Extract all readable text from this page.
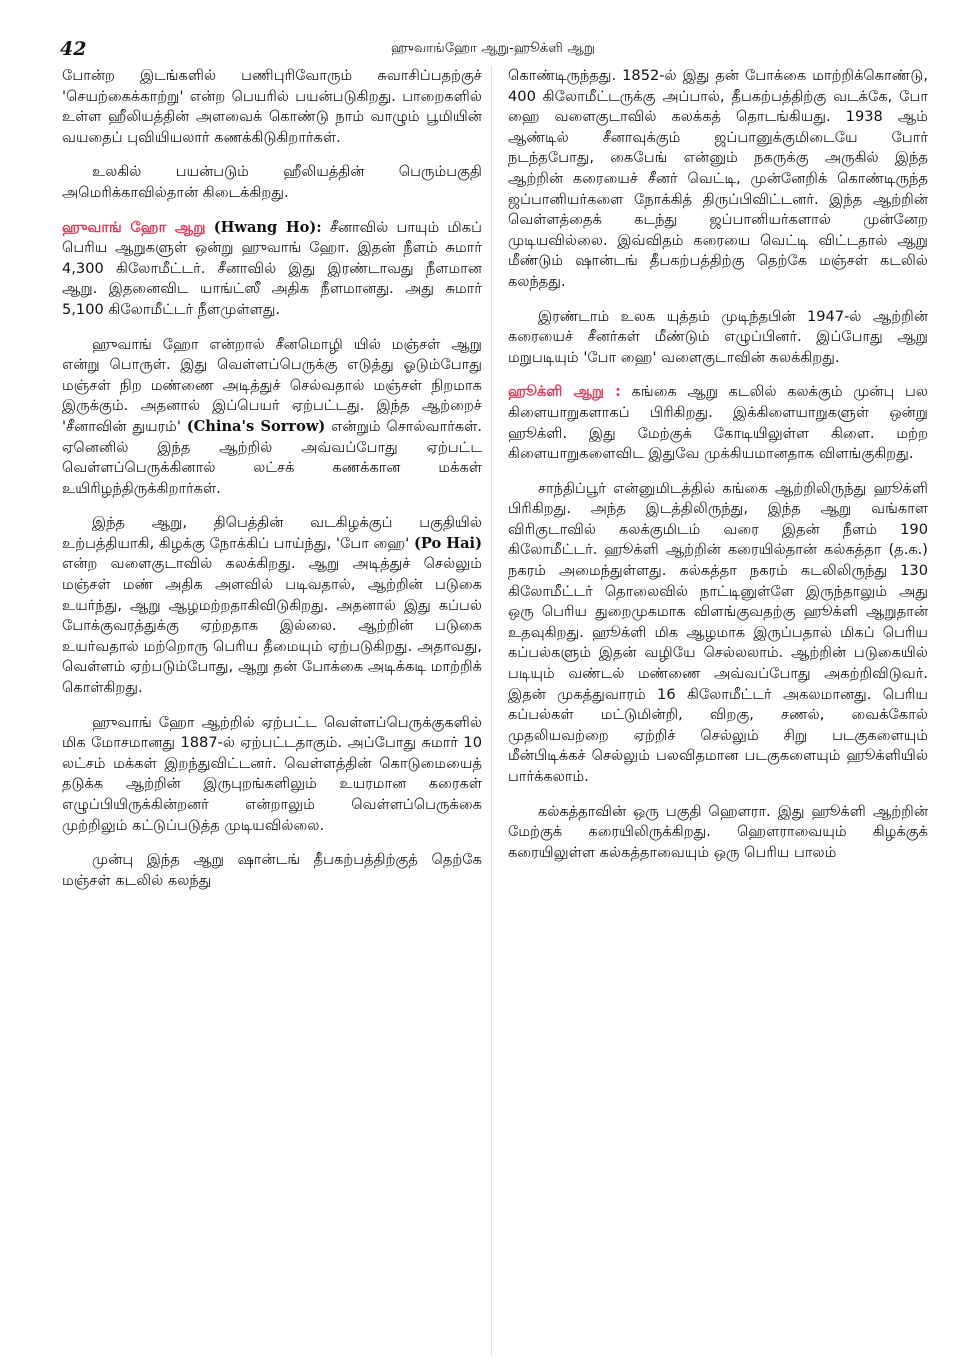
42	ஹுவாங்ஹோ ஆறு-ஹூக்ளி ஆறு

போன்ற இடங்களில் பணிபுரிவோரும் சுவாசிப்பதற்குச் 'செயற்கைக்காற்று' என்ற பெயரில் பயன்படுகிறது. பாறைகளில் உள்ள ஹீலியத்தின் அளவைக் கொண்டு நாம் வாழும் பூமியின் வயதைப் புவியியலார் கணக்கிடுகிறார்கள்.

உலகில் பயன்படும் ஹீலியத்தின் பெரும்பகுதி அமெரிக்காவில்தான் கிடைக்கிறது.

ஹுவாங் ஹோ ஆறு (Hwang Ho): சீனாவில் பாயும் மிகப் பெரிய ஆறுகளுள் ஒன்று ஹுவாங் ஹோ. இதன் நீளம் சுமார் 4,300 கிலோமீட்டர். சீனாவில் இது இரண்டாவது நீளமான ஆறு. இதனைவிட யாங்ட்ஸீ அதிக நீளமானது. அது சுமார் 5,100 கிலோமீட்டர் நீளமுள்ளது.

ஹுவாங் ஹோ என்றால் சீனமொழி யில் மஞ்சள் ஆறு என்று பொருள். இது வெள்ளப்பெருக்கு எடுத்து ஓடும்போது மஞ்சள் நிற மண்ணை அடித்துச் செல்வதால் மஞ்சள் நிறமாக இருக்கும். அதனால் இப்பெயர் ஏற்பட்டது. இந்த ஆற்றைச் 'சீனாவின் துயரம்' (China's Sorrow) என்றும் சொல்வார்கள். ஏனெனில் இந்த ஆற்றில் அவ்வப்போது ஏற்பட்ட வெள்ளப்பெருக்கினால் லட்சக் கணக்கான மக்கள் உயிரிழந்திருக்கிறார்கள்.

இந்த ஆறு, திபெத்தின் வடகிழக்குப் பகுதியில் உற்பத்தியாகி, கிழக்கு நோக்கிப் பாய்ந்து, 'போ ஹை' (Po Hai) என்ற வளைகுடாவில் கலக்கிறது. ஆறு அடித்துச் செல்லும் மஞ்சள் மண் அதிக அளவில் படிவதால், ஆற்றின் படுகை உயர்ந்து, ஆறு ஆழமற்றதாகிவிடுகிறது. அதனால் இது கப்பல் போக்குவரத்துக்கு ஏற்றதாக இல்லை. ஆற்றின் படுகை உயர்வதால் மற்றொரு பெரிய தீமையும் ஏற்படுகிறது. அதாவது, வெள்ளம் ஏற்படும்போது, ஆறு தன் போக்கை அடிக்கடி மாற்றிக் கொள்கிறது.

ஹுவாங் ஹோ ஆற்றில் ஏற்பட்ட வெள்ளப்பெருக்குகளில் மிக மோசமானது 1887-ல் ஏற்பட்டதாகும். அப்போது சுமார் 10 லட்சம் மக்கள் இறந்துவிட்டனர். வெள்ளத்தின் கொடுமையைத் தடுக்க ஆற்றின் இருபுறங்களிலும் உயரமான கரைகள் எழுப்பியிருக்கின்றனர் என்றாலும் வெள்ளப்பெருக்கை முற்றிலும் கட்டுப்படுத்த முடியவில்லை.

முன்பு இந்த ஆறு ஷான்டங் தீபகற்பத்திற்குத் தெற்கே மஞ்சள் கடலில் கலந்து

கொண்டிருந்தது. 1852-ல் இது தன் போக்கை மாற்றிக்கொண்டு, 400 கிலோமீட்டருக்கு அப்பால், தீபகற்பத்திற்கு வடக்கே, போ ஹை வளைகுடாவில் கலக்கத் தொடங்கியது. 1938 ஆம் ஆண்டில் சீனாவுக்கும் ஜப்பானுக்குமிடையே போர் நடந்தபோது, கைபேங் என்னும் நகருக்கு அருகில் இந்த ஆற்றின் கரையைச் சீனர் வெட்டி, முன்னேறிக் கொண்டிருந்த ஜப்பானியர்களை நோக்கித் திருப்பிவிட்டனர். இந்த ஆற்றின் வெள்ளத்தைக் கடந்து ஜப்பானியர்களால் முன்னேற முடியவில்லை. இவ்விதம் கரையை வெட்டி விட்டதால் ஆறு மீண்டும் ஷான்டங் தீபகற்பத்திற்கு தெற்கே மஞ்சள் கடலில் கலந்தது.

இரண்டாம் உலக யுத்தம் முடிந்தபின் 1947-ல் ஆற்றின் கரையைச் சீனர்கள் மீண்டும் எழுப்பினர். இப்போது ஆறு மறுபடியும் 'போ ஹை' வளைகுடாவின் கலக்கிறது.

ஹூக்ளி ஆறு : கங்கை ஆறு கடலில் கலக்கும் முன்பு பல கிளையாறுகளாகப் பிரிகிறது. இக்கிளையாறுகளுள் ஒன்று ஹூக்ளி. இது மேற்குக் கோடியிலுள்ள கிளை. மற்ற கிளையாறுகளைவிட இதுவே முக்கியமானதாக விளங்குகிறது.

சாந்திப்பூர் என்னுமிடத்தில் கங்கை ஆற்றிலிருந்து ஹூக்ளி பிரிகிறது. அந்த இடத்திலிருந்து, இந்த ஆறு வங்காள விரிகுடாவில் கலக்குமிடம் வரை இதன் நீளம் 190 கிலோமீட்டர். ஹூக்ளி ஆற்றின் கரையில்தான் கல்கத்தா (த.க.) நகரம் அமைந்துள்ளது. கல்கத்தா நகரம் கடலிலிருந்து 130 கிலோமீட்டர் தொலைவில் நாட்டினுள்ளே இருந்தாலும் அது ஒரு பெரிய துறைமுகமாக விளங்குவதற்கு ஹூக்ளி ஆறுதான் உதவுகிறது. ஹூக்ளி மிக ஆழமாக இருப்பதால் மிகப் பெரிய கப்பல்களும் இதன் வழியே செல்லலாம். ஆற்றின் படுகையில் படியும் வண்டல் மண்ணை அவ்வப்போது அகற்றிவிடுவர். இதன் முகத்துவாரம் 16 கிலோமீட்டர் அகலமானது. பெரிய கப்பல்கள் மட்டுமின்றி, விறகு, சணல், வைக்கோல் முதலியவற்றை ஏற்றிச் செல்லும் சிறு படகுகளையும் மீன்பிடிக்கச் செல்லும் பலவிதமான படகுகளையும் ஹூக்ளியில் பார்க்கலாம்.

கல்கத்தாவின் ஒரு பகுதி ஹௌரா. இது ஹூக்ளி ஆற்றின் மேற்குக் கரையிலிருக்கிறது. ஹௌராவையும் கிழக்குக் கரையிலுள்ள கல்கத்தாவையும் ஒரு பெரிய பாலம்
